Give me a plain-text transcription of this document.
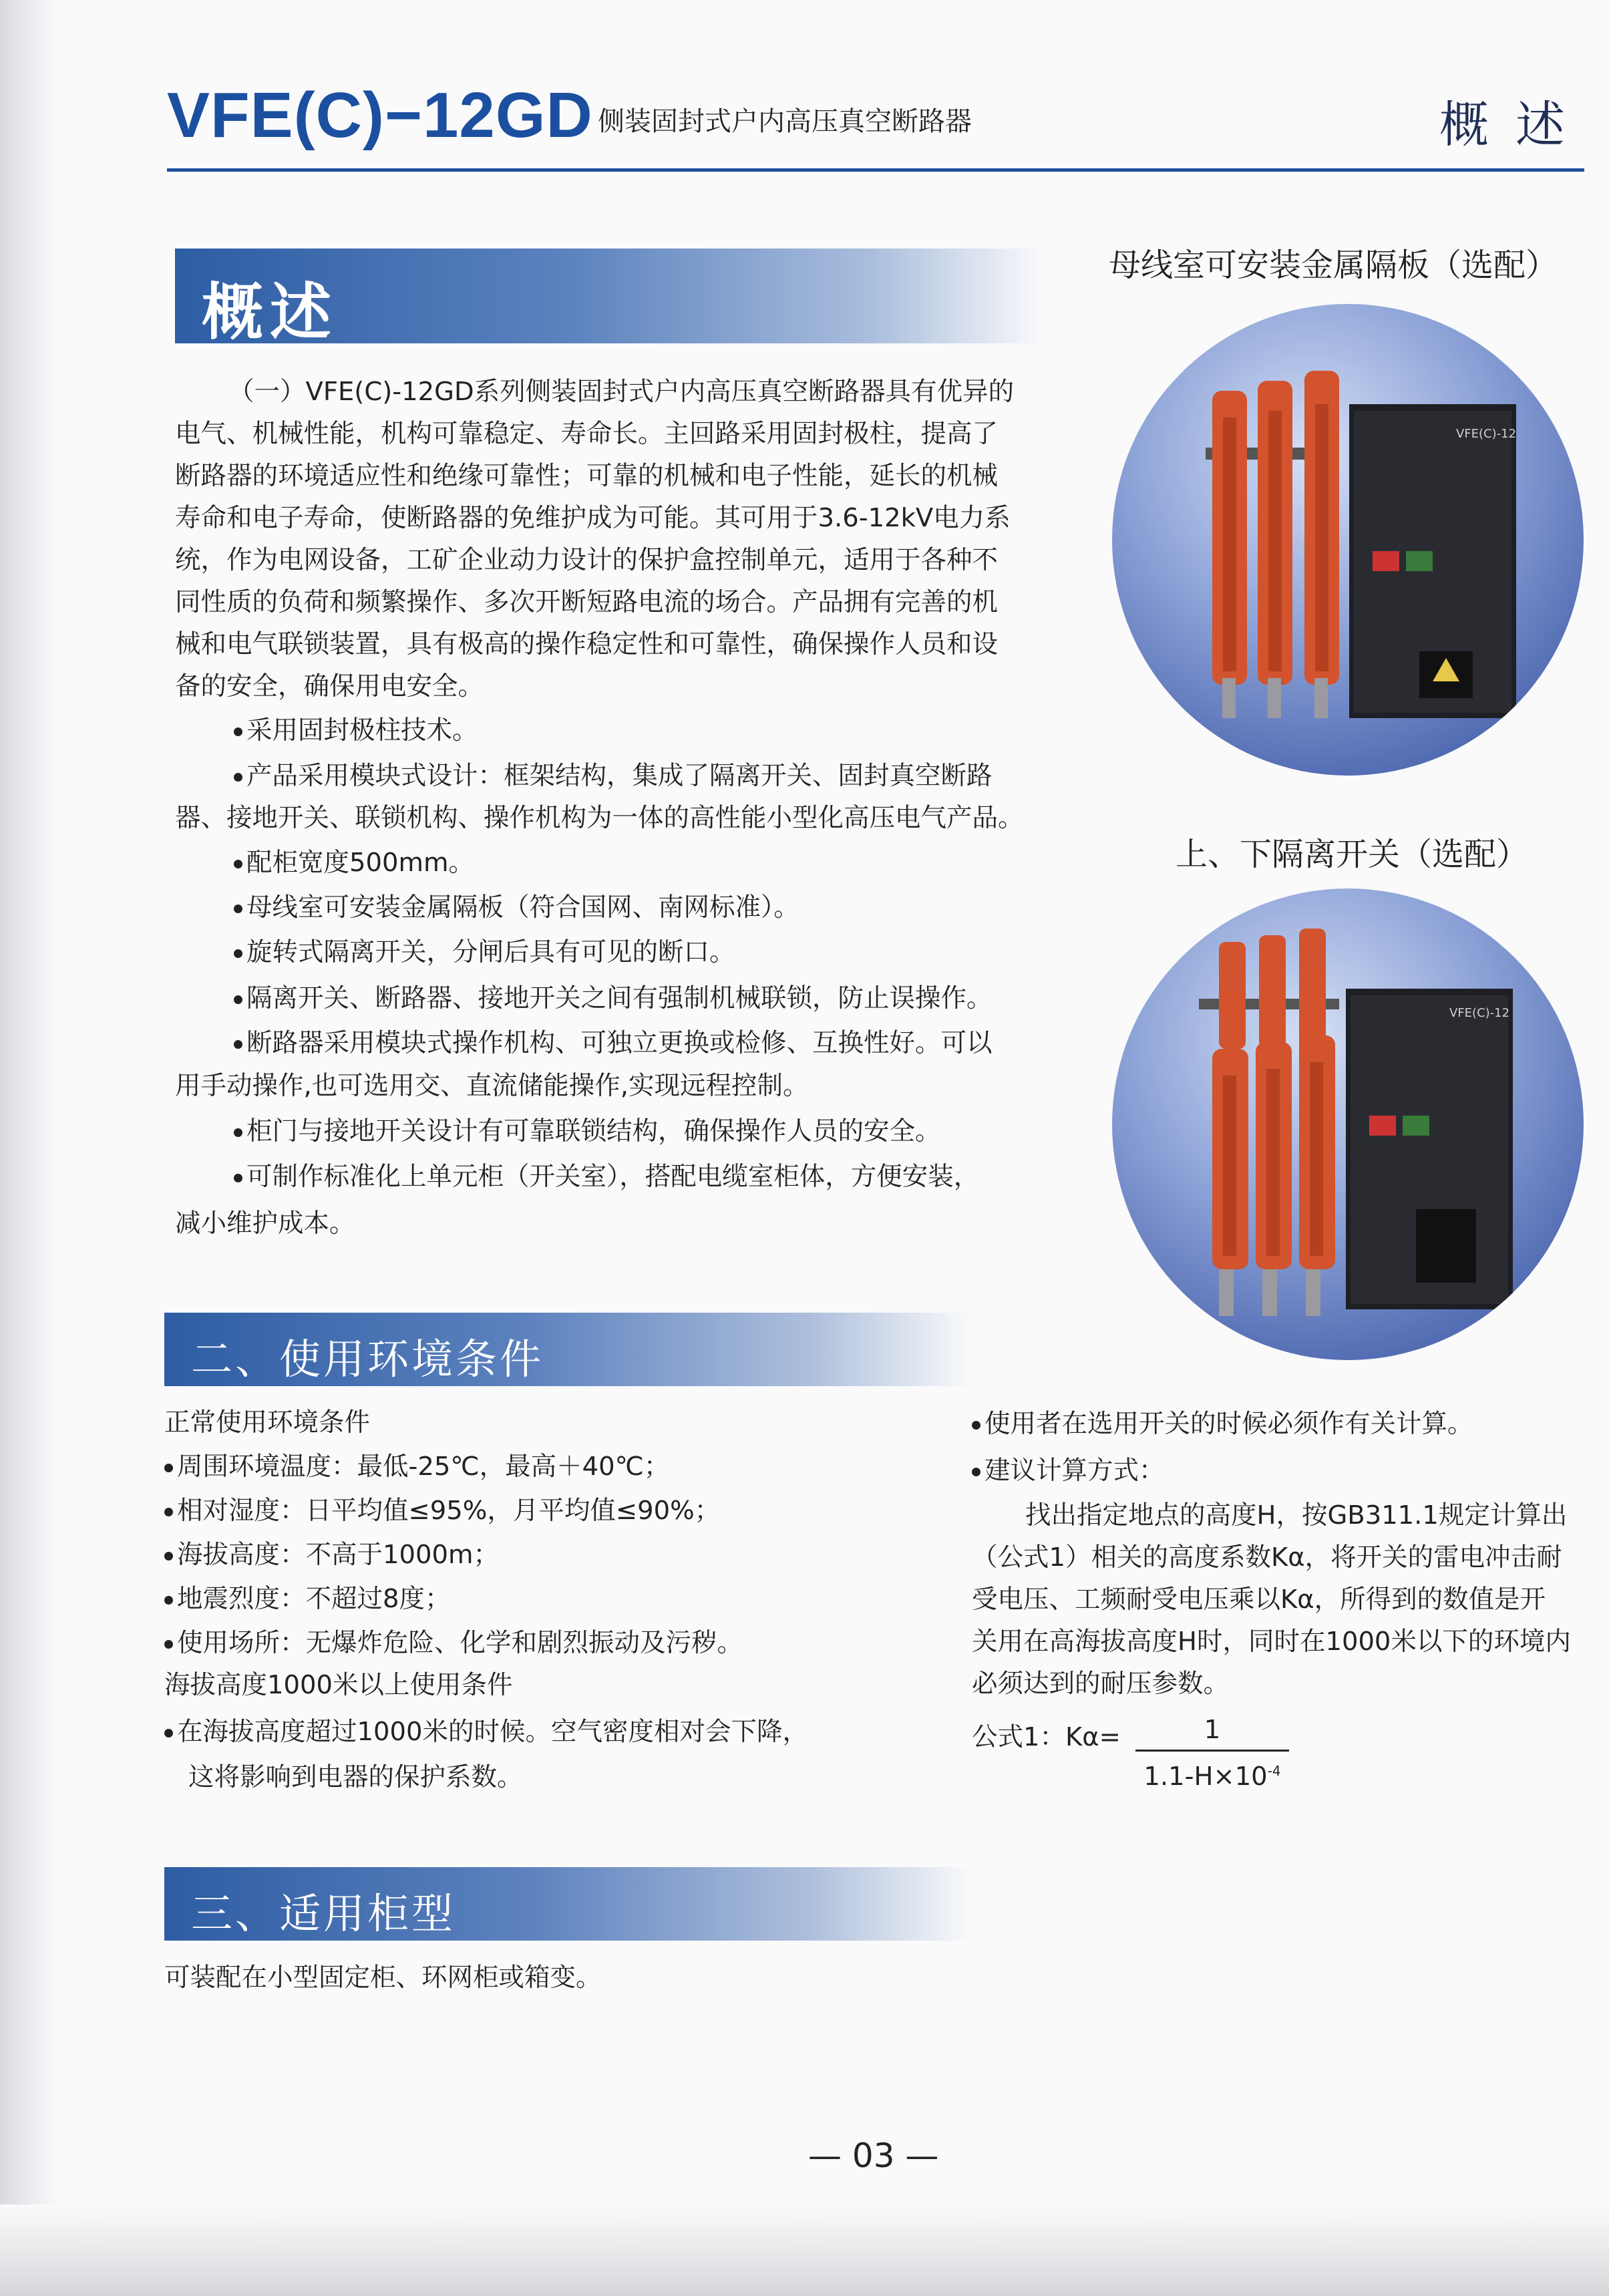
VFE(C)−12GD 侧装固封式户内高压真空断路器	概述
概述

（一）VFE(C)-12GD系列侧装固封式户内高压真空断路器具有优异的

电气、机械性能，机构可靠稳定、寿命长。主回路采用固封极柱，提高了

断路器的环境适应性和绝缘可靠性；可靠的机械和电子性能，延长的机械

寿命和电子寿命，使断路器的免维护成为可能。其可用于3.6-12kV电力系

统，作为电网设备，工矿企业动力设计的保护盒控制单元，适用于各种不

同性质的负荷和频繁操作、多次开断短路电流的场合。产品拥有完善的机

械和电气联锁装置，具有极高的操作稳定性和可靠性，确保操作人员和设

备的安全，确保用电安全。

采用固封极柱技术。
产品采用模块式设计：框架结构，集成了隔离开关、固封真空断路
器、接地开关、联锁机构、操作机构为一体的高性能小型化高压电气产品。
配柜宽度500mm。
母线室可安装金属隔板（符合国网、南网标准）。
旋转式隔离开关，分闸后具有可见的断口。
隔离开关、断路器、接地开关之间有强制机械联锁，防止误操作。
断路器采用模块式操作机构、可独立更换或检修、互换性好。可以
用手动操作,也可选用交、直流储能操作,实现远程控制。
柜门与接地开关设计有可靠联锁结构，确保操作人员的安全。
可制作标准化上单元柜（开关室），搭配电缆室柜体，方便安装，
减小维护成本。
母线室可安装金属隔板（选配）
VFE(C)-12
上、下隔离开关（选配）
VFE(C)-12
二、使用环境条件
正常使用环境条件
周围环境温度：最低-25℃，最高＋40℃；
相对湿度：日平均值≤95%，月平均值≤90%；
海拔高度：不高于1000m；
地震烈度：不超过8度；
使用场所：无爆炸危险、化学和剧烈振动及污秽。
海拔高度1000米以上使用条件
在海拔高度超过1000米的时候。空气密度相对会下降，
这将影响到电器的保护系数。
使用者在选用开关的时候必须作有关计算。
建议计算方式：
找出指定地点的高度H，按GB311.1规定计算出
（公式1）相关的高度系数Kα，将开关的雷电冲击耐
受电压、工频耐受电压乘以Kα，所得到的数值是开
关用在高海拔高度H时，同时在1000米以下的环境内
必须达到的耐压参数。
公式1：Kα=	1
$1.1-H\times 10^{-4}$
三、适用柜型
可装配在小型固定柜、环网柜或箱变。
— 03 —
